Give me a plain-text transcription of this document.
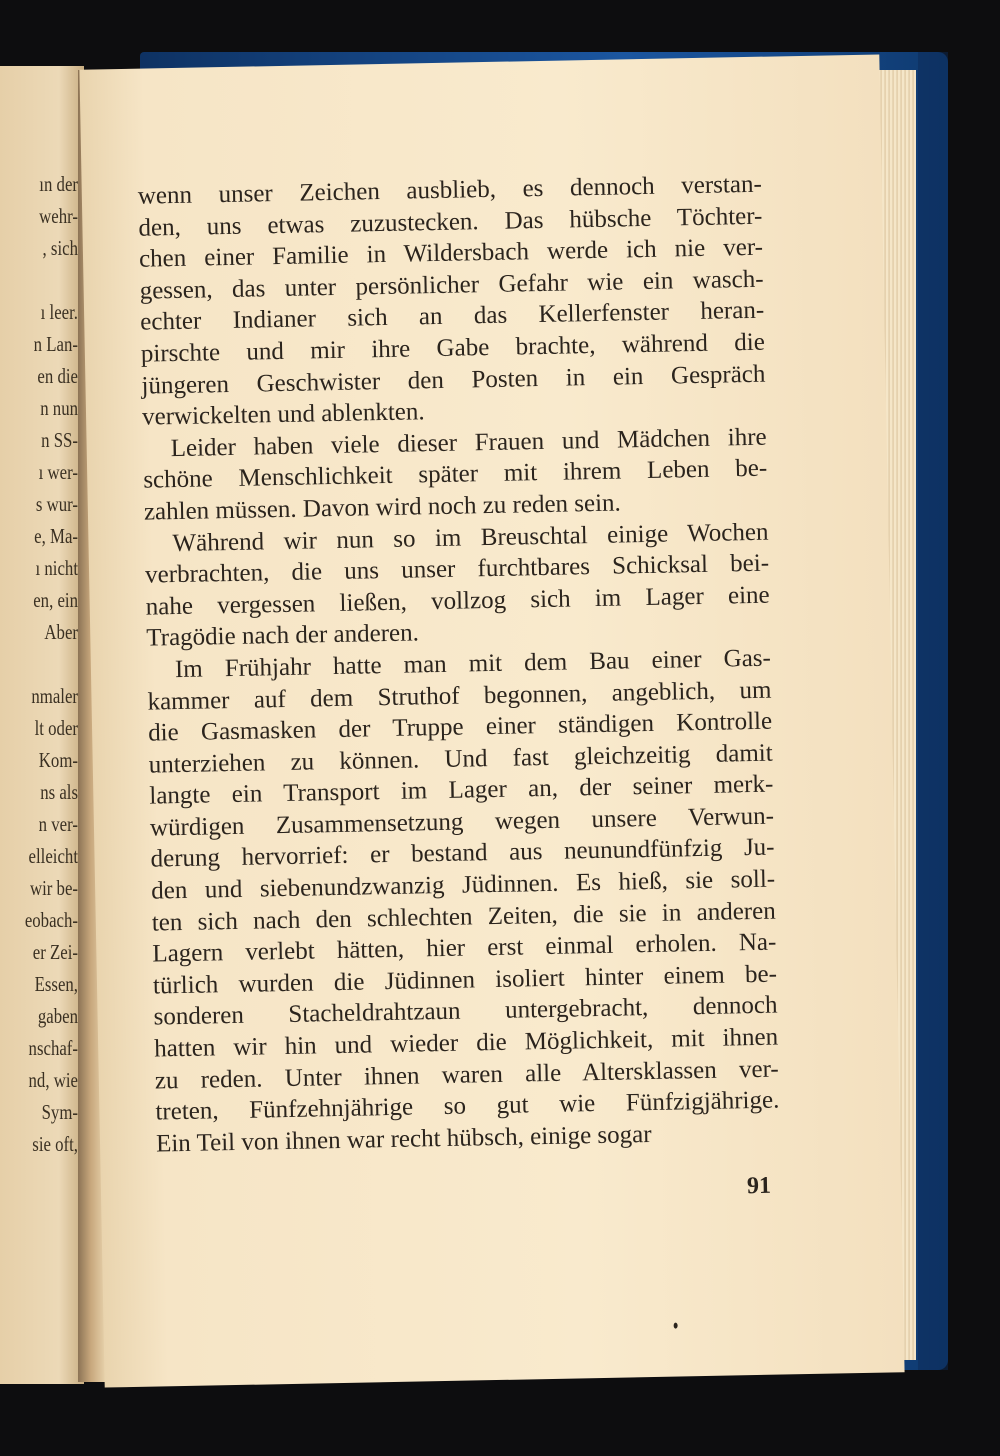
ın der
wehr-
, sich
ı leer.
n Lan-
en die
n nun
n SS-
ı wer-
s wur-
e, Ma-
ı nicht
en, ein
Aber
nmaler
lt oder
Kom-
ns als
n ver-
elleicht
wir be-
eobach-
er Zei-
Essen,
gaben
nschaf-
nd, wie
Sym-
sie oft,
wenn unser Zeichen ausblieb, es dennoch verstan-
den, uns etwas zuzustecken. Das hübsche Töchter-
chen einer Familie in Wildersbach werde ich nie ver-
gessen, das unter persönlicher Gefahr wie ein wasch-
echter Indianer sich an das Kellerfenster heran-
pirschte und mir ihre Gabe brachte, während die
jüngeren Geschwister den Posten in ein Gespräch
verwickelten und ablenkten.
Leider haben viele dieser Frauen und Mädchen ihre
schöne Menschlichkeit später mit ihrem Leben be-
zahlen müssen. Davon wird noch zu reden sein.
Während wir nun so im Breuschtal einige Wochen
verbrachten, die uns unser furchtbares Schicksal bei-
nahe vergessen ließen, vollzog sich im Lager eine
Tragödie nach der anderen.
Im Frühjahr hatte man mit dem Bau einer Gas-
kammer auf dem Struthof begonnen, angeblich, um
die Gasmasken der Truppe einer ständigen Kontrolle
unterziehen zu können. Und fast gleichzeitig damit
langte ein Transport im Lager an, der seiner merk-
würdigen Zusammensetzung wegen unsere Verwun-
derung hervorrief: er bestand aus neunundfünfzig Ju-
den und siebenundzwanzig Jüdinnen. Es hieß, sie soll-
ten sich nach den schlechten Zeiten, die sie in anderen
Lagern verlebt hätten, hier erst einmal erholen. Na-
türlich wurden die Jüdinnen isoliert hinter einem be-
sonderen Stacheldrahtzaun untergebracht, dennoch
hatten wir hin und wieder die Möglichkeit, mit ihnen
zu reden. Unter ihnen waren alle Altersklassen ver-
treten, Fünfzehnjährige so gut wie Fünfzigjährige.
Ein Teil von ihnen war recht hübsch, einige sogar
91
